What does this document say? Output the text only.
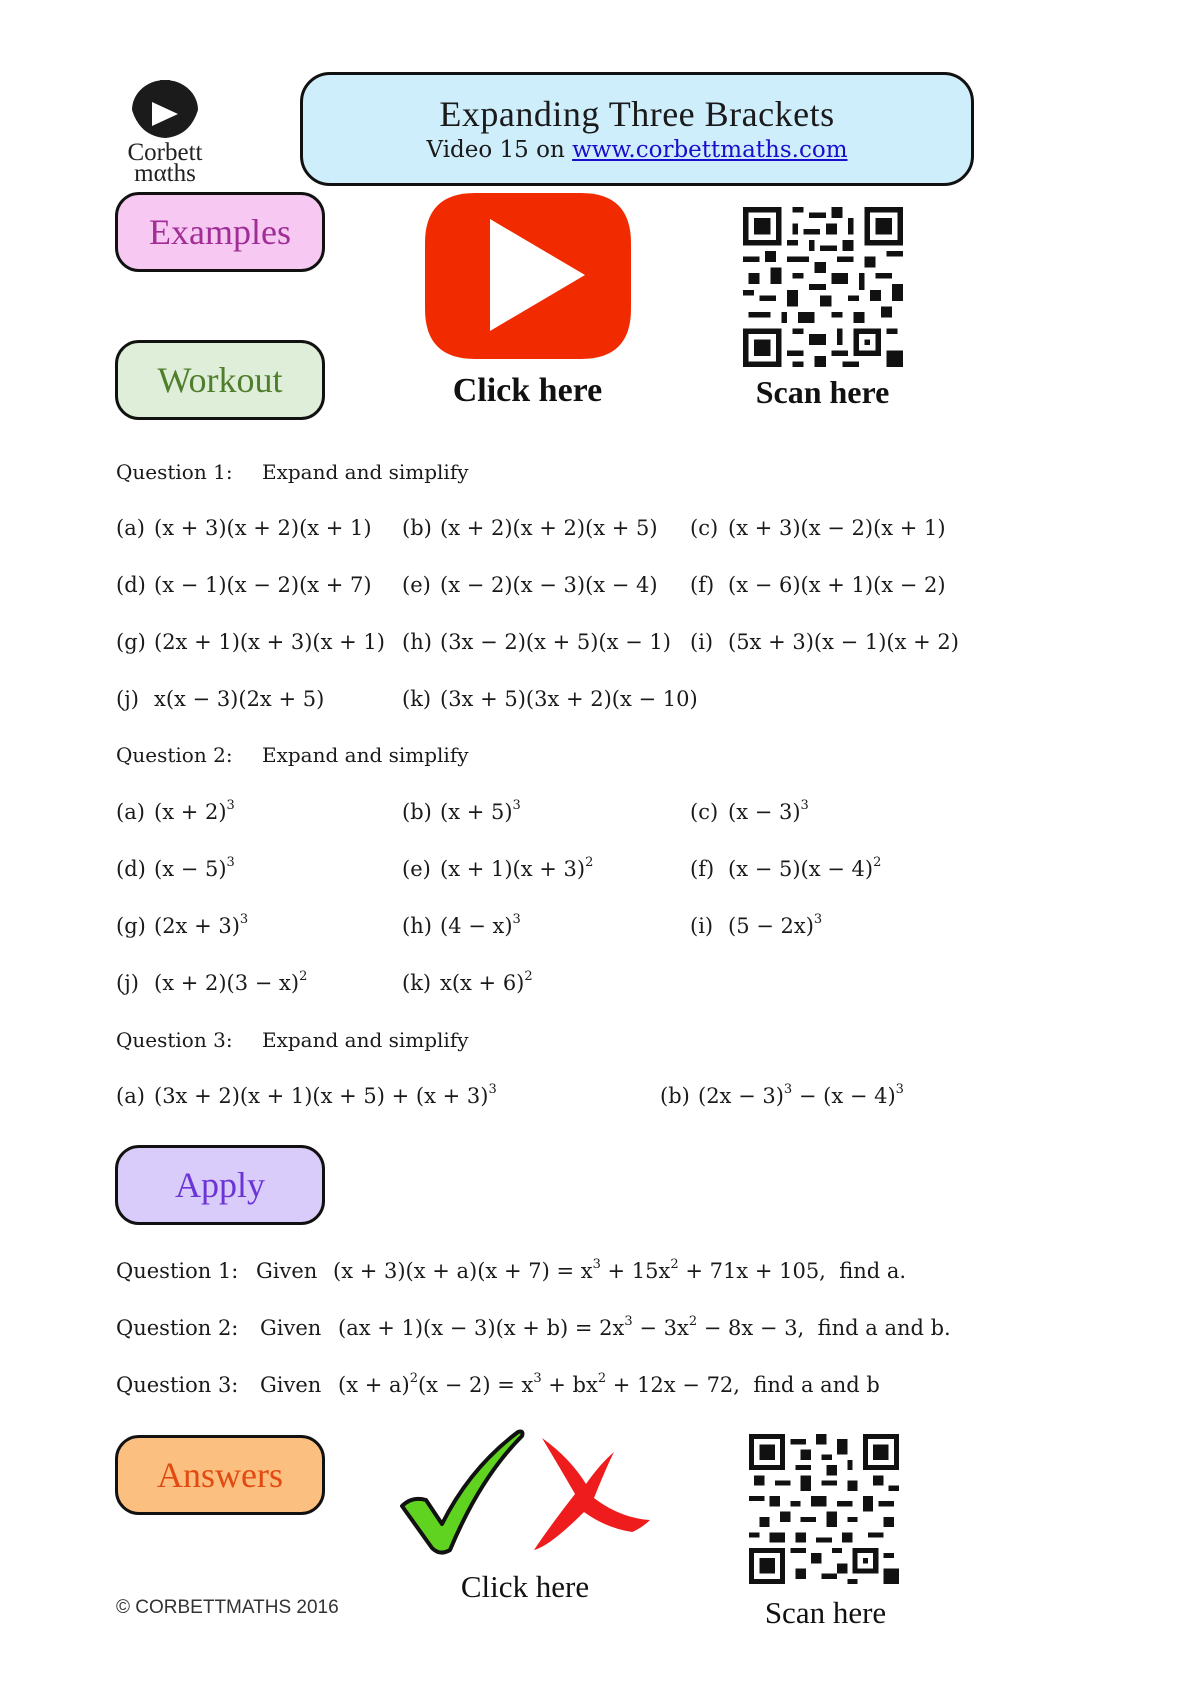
Corbett
mαths
Expanding Three Brackets
Video 15 on www.corbettmaths.com
Examples
Workout	Click here	Scan here
Question 1: Expand and simplify
(a) (x + 3)(x + 2)(x + 1) (b) (x + 2)(x + 2)(x + 5) (c) (x + 3)(x − 2)(x + 1)
(d) (x − 1)(x − 2)(x + 7) (e) (x − 2)(x − 3)(x − 4) (f) (x − 6)(x + 1)(x − 2)
(g) (2x + 1)(x + 3)(x + 1) (h) (3x − 2)(x + 5)(x − 1) (i) (5x + 3)(x − 1)(x + 2)
(j) x(x − 3)(2x + 5)	(k) (3x + 5)(3x + 2)(x − 10)
Question 2: Expand and simplify
(a) $(x + 2)^3$	(b) $(x + 5)^3$	(c) $(x - 3)^3$
(d) $(x - 5)^3$	(e) $(x + 1)(x + 3)^2$	(f) $(x - 5)(x - 4)^2$
(g) $(2x + 3)^3$	(h) $(4 - x)^3$	(i) $(5 - 2x)^3$
(j) $(x + 2)(3 - x)^2$	(k) $x(x + 6)^2$
Question 3: Expand and simplify
(a) $(3x + 2)(x + 1)(x + 5) + (x + 3)^3$	(b) $(2x - 3)^3 - (x - 4)^3$
Apply
Question 1: Given $(x + 3)(x + a)(x + 7) = x^3 + 15x^2 + 71x + 105$, find a.
Question 2: Given $(ax + 1)(x - 3)(x + b) = 2x^3 - 3x^2 - 8x - 3$, find a and b.
Question 3: Given $(x + a)^2(x - 2) = x^3 + bx^2 + 12x - 72$, find a and b
Answers
Click here
Scan here
© CORBETTMATHS 2016
